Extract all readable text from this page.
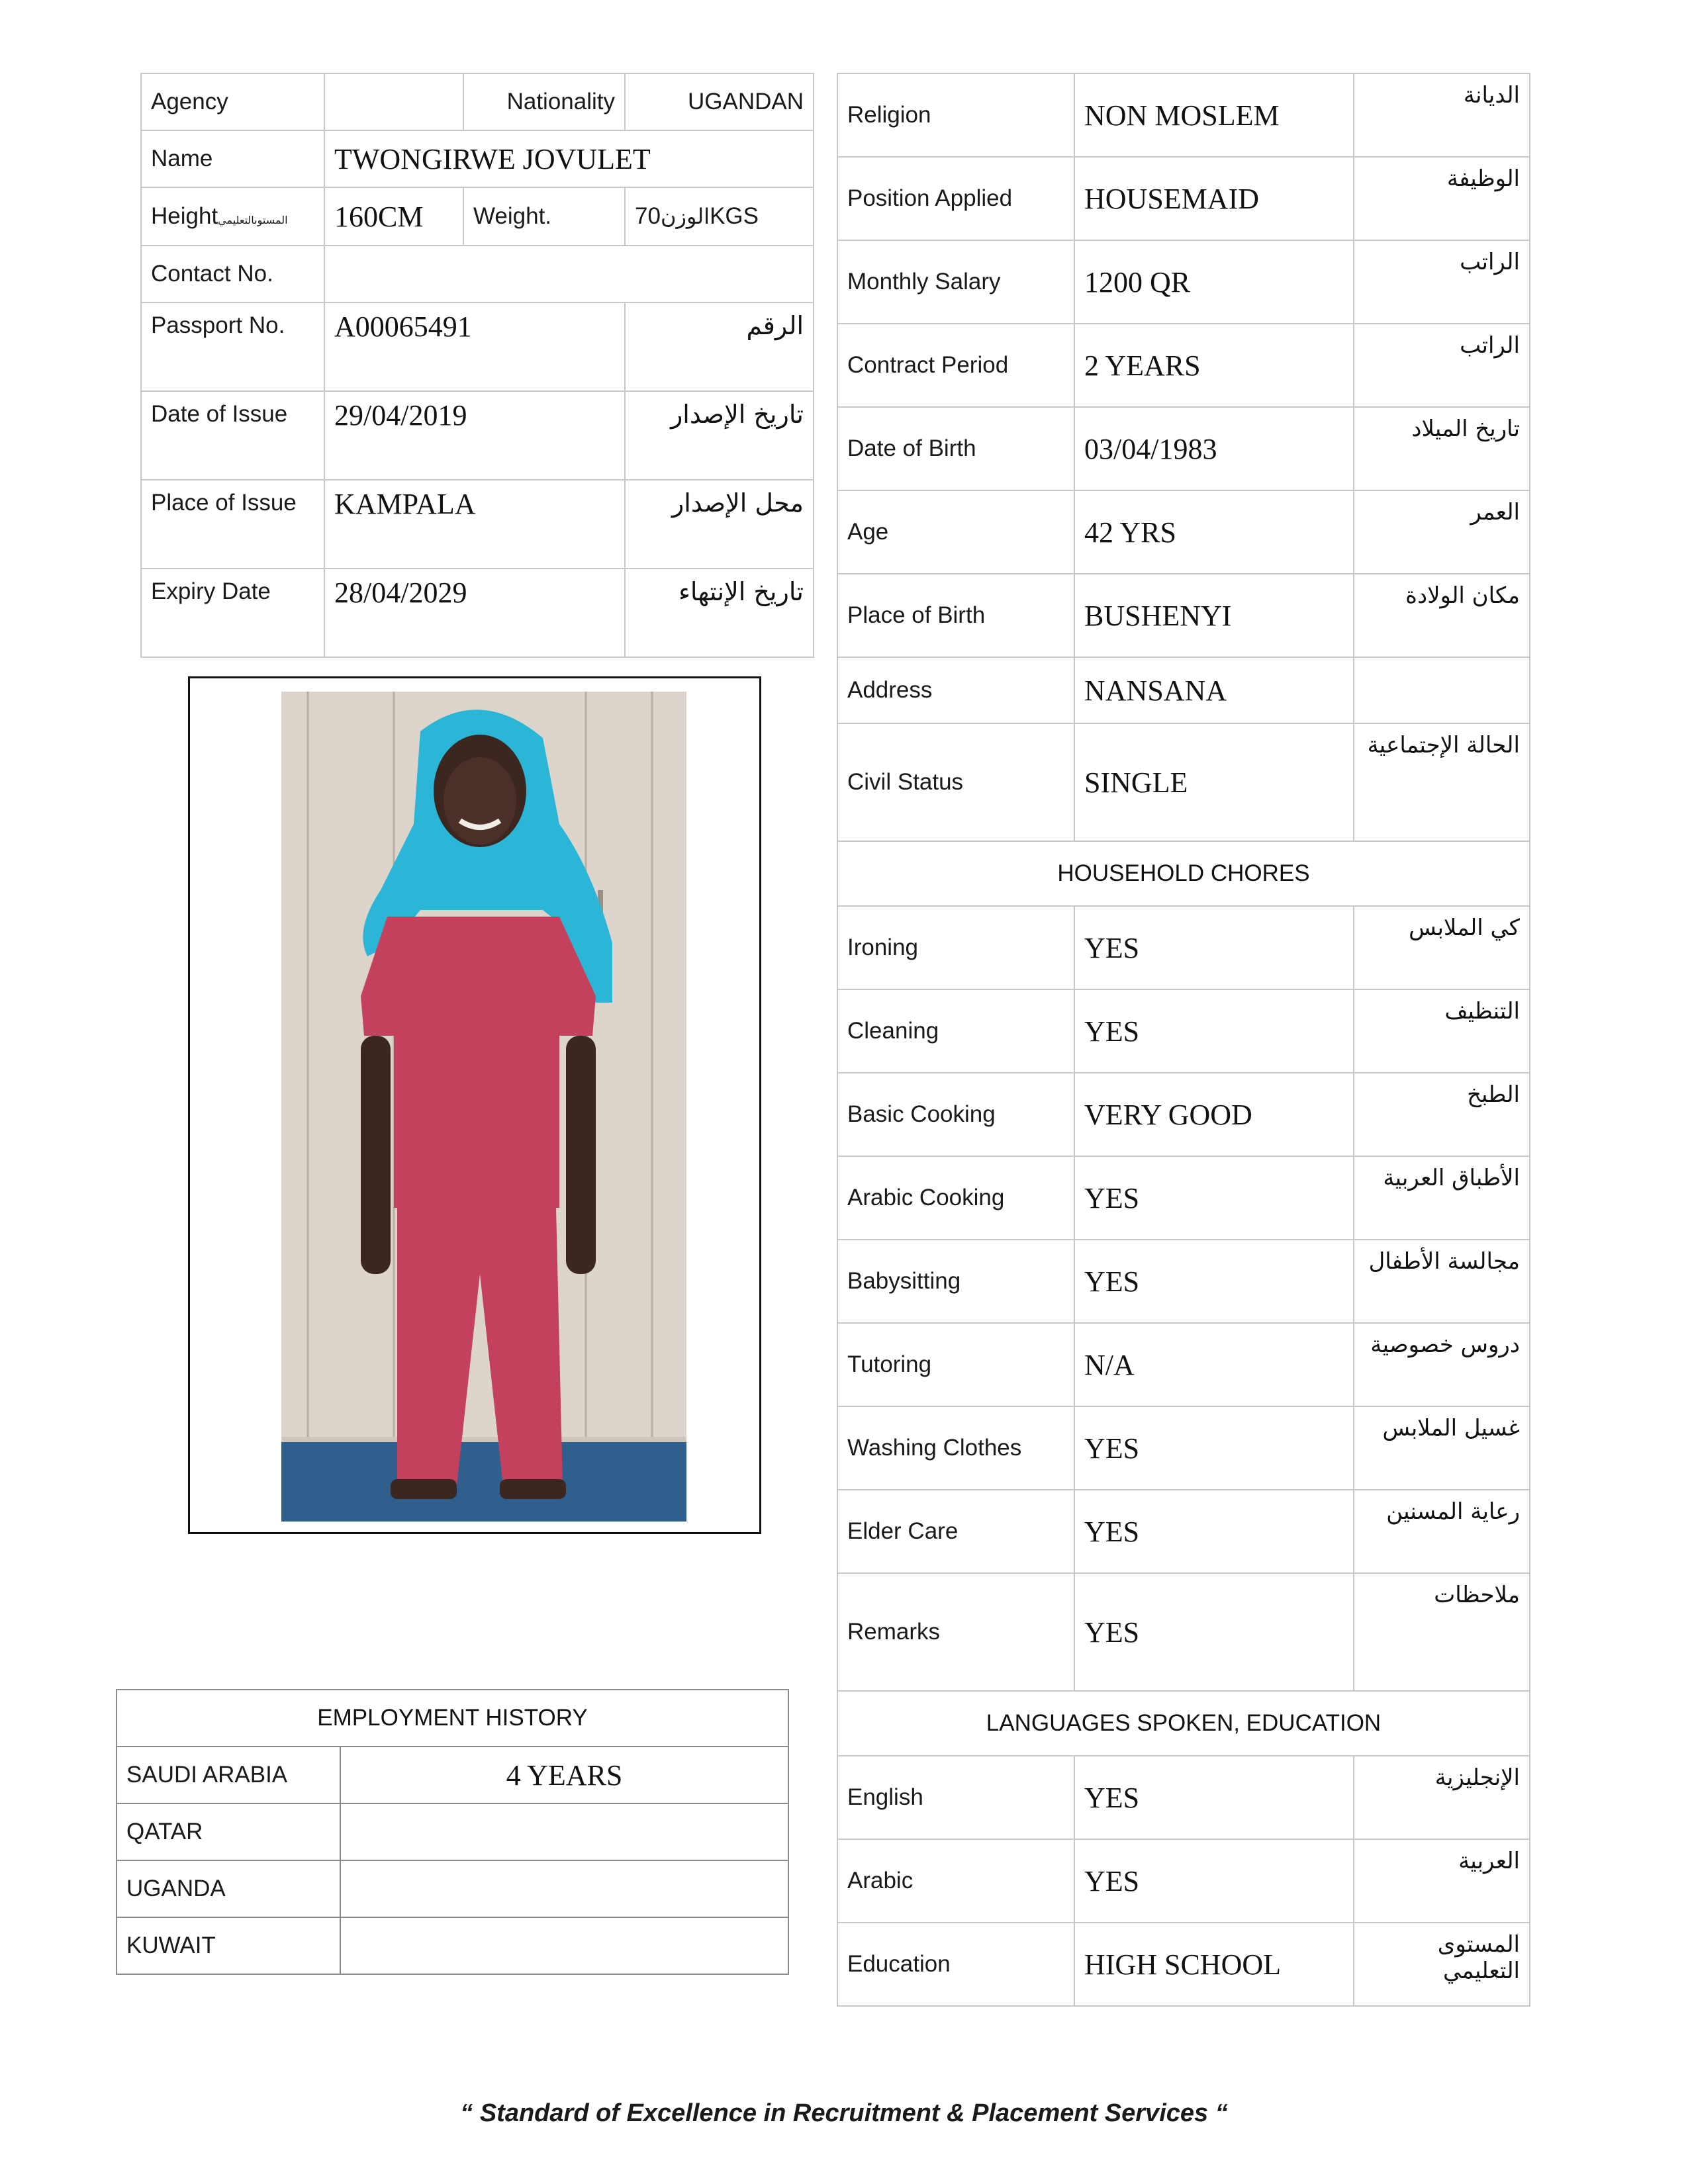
Agency		Nationality	UGANDAN
Name	TWONGIRWE JOVULET		
Heightالمستوىالتعليمي	160CM	Weight.	70الوزنKGS
Contact No.			
Passport No.	A00065491		الرقم
Date of Issue	29/04/2019		تاريخ الإصدار
Place of Issue	KAMPALA		محل الإصدار
Expiry Date	28/04/2029		تاريخ الإنتهاء
Religion	NON MOSLEM	الديانة
Position Applied	HOUSEMAID	الوظيفة
Monthly Salary	1200 QR	الراتب
Contract Period	2 YEARS	الراتب
Date of Birth	03/04/1983	تاريخ الميلاد
Age	42 YRS	العمر
Place of Birth	BUSHENYI	مكان الولادة
Address	NANSANA	
Civil Status	SINGLE	الحالة الإجتماعية
HOUSEHOLD CHORES		
Ironing	YES	كي الملابس
Cleaning	YES	التنظيف
Basic Cooking	VERY GOOD	الطبخ
Arabic Cooking	YES	الأطباق العربية
Babysitting	YES	مجالسة الأطفال
Tutoring	N/A	دروس خصوصية
Washing Clothes	YES	غسيل الملابس
Elder Care	YES	رعاية المسنين
Remarks	YES	ملاحظات
LANGUAGES SPOKEN, EDUCATION		
English	YES	الإنجليزية
Arabic	YES	العربية
Education	HIGH SCHOOL	المستوى التعليمي
EMPLOYMENT HISTORY	
SAUDI ARABIA	4 YEARS
QATAR	
UGANDA	
KUWAIT	
“ Standard of Excellence in Recruitment & Placement Services “
